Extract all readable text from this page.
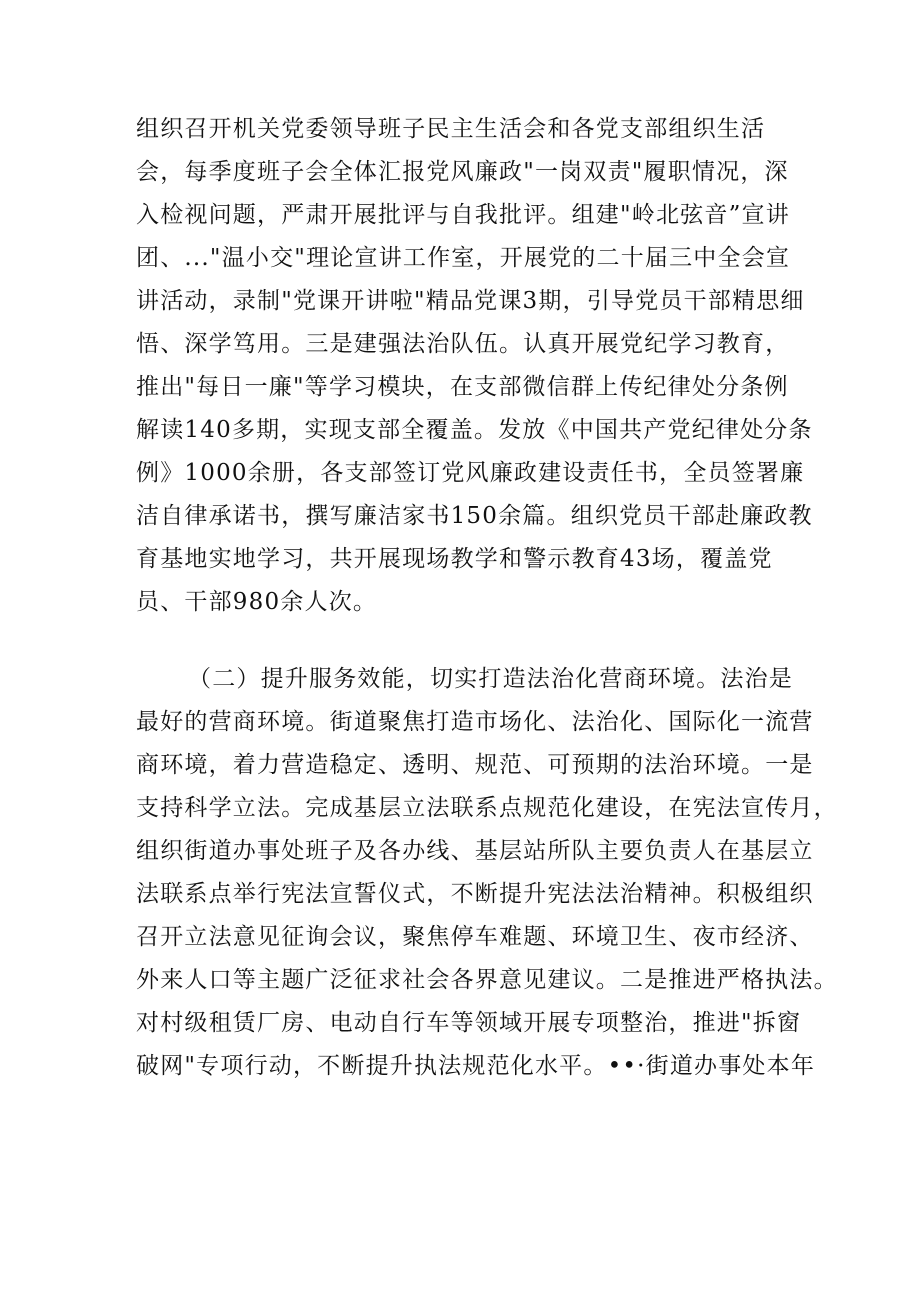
组织召开机关党委领导班子民主生活会和各党支部组织生活
会，每季度班子会全体汇报党风廉政"一岗双责"履职情况，深
入检视问题，严肃开展批评与自我批评。组建"岭北弦音”宣讲
团、..."温小交"理论宣讲工作室，开展党的二十届三中全会宣
讲活动，录制"党课开讲啦"精品党课3期，引导党员干部精思细
悟、深学笃用。三是建强法治队伍。认真开展党纪学习教育，
推出"每日一廉"等学习模块，在支部微信群上传纪律处分条例
解读140多期，实现支部全覆盖。发放《中国共产党纪律处分条
例》1000余册，各支部签订党风廉政建设责任书，全员签署廉
洁自律承诺书，撰写廉洁家书150余篇。组织党员干部赴廉政教
育基地实地学习，共开展现场教学和警示教育43场，覆盖党
员、干部980余人次。
（二）提升服务效能，切实打造法治化营商环境。法治是
最好的营商环境。街道聚焦打造市场化、法治化、国际化一流营
商环境，着力营造稳定、透明、规范、可预期的法治环境。一是
支持科学立法。完成基层立法联系点规范化建设，在宪法宣传月，
组织街道办事处班子及各办线、基层站所队主要负责人在基层立
法联系点举行宪法宣誓仪式，不断提升宪法法治精神。积极组织
召开立法意见征询会议，聚焦停车难题、环境卫生、夜市经济、
外来人口等主题广泛征求社会各界意见建议。二是推进严格执法。
对村级租赁厂房、电动自行车等领域开展专项整治，推进"拆窗
破网"专项行动，不断提升执法规范化水平。••·街道办事处本年
